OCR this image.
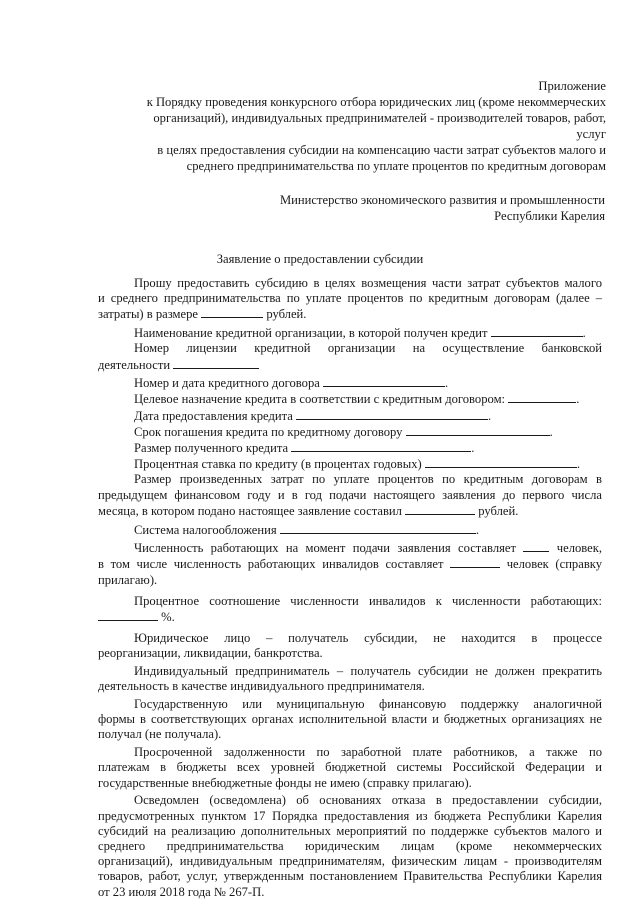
Приложение
к Порядку проведения конкурсного отбора юридических лиц (кроме некоммерческих
организаций), индивидуальных предпринимателей - производителей товаров, работ, услуг
в целях предоставления субсидии на компенсацию части затрат субъектов малого и
среднего предпринимательства по уплате процентов по кредитным договорам
Министерство экономического развития и промышленности
Республики Карелия
Заявление о предоставлении субсидии

Прошу предоставить субсидию в целях возмещения части затрат субъектов малого

и среднего предпринимательства по уплате процентов по кредитным договорам (далее –

затраты) в размере	рублей.

Наименование кредитной организации, в которой получен кредит	.

Номер лицензии кредитной организации на осуществление банковской

деятельности

Номер и дата кредитного договора	.

Целевое назначение кредита в соответствии с кредитным договором:	.

Дата предоставления кредита	.

Срок погашения кредита по кредитному договору	.

Размер полученного кредита	.

Процентная ставка по кредиту (в процентах годовых)	.

Размер произведенных затрат по уплате процентов по кредитным договорам в

предыдущем финансовом году и в год подачи настоящего заявления до первого числа

месяца, в котором подано настоящее заявление составил	рублей.

Система налогообложения	.

Численность работающих на момент подачи заявления составляет	человек,

в том числе численность работающих инвалидов составляет	человек (справку

прилагаю).

Процентное соотношение численности инвалидов к численности работающих:

%.

Юридическое лицо – получатель субсидии, не находится в процессе

реорганизации, ликвидации, банкротства.

Индивидуальный предприниматель – получатель субсидии не должен прекратить

деятельность в качестве индивидуального предпринимателя.

Государственную или муниципальную финансовую поддержку аналогичной

формы в соответствующих органах исполнительной власти и бюджетных организациях не

получал (не получала).

Просроченной задолженности по заработной плате работников, а также по

платежам в бюджеты всех уровней бюджетной системы Российской Федерации и

государственные внебюджетные фонды не имею (справку прилагаю).

Осведомлен (осведомлена) об основаниях отказа в предоставлении субсидии,

предусмотренных пунктом 17 Порядка предоставления из бюджета Республики Карелия

субсидий на реализацию дополнительных мероприятий по поддержке субъектов малого и

среднего предпринимательства юридическим лицам (кроме некоммерческих

организаций), индивидуальным предпринимателям, физическим лицам - производителям

товаров, работ, услуг, утвержденным постановлением Правительства Республики Карелия

от 23 июля 2018 года № 267-П.
